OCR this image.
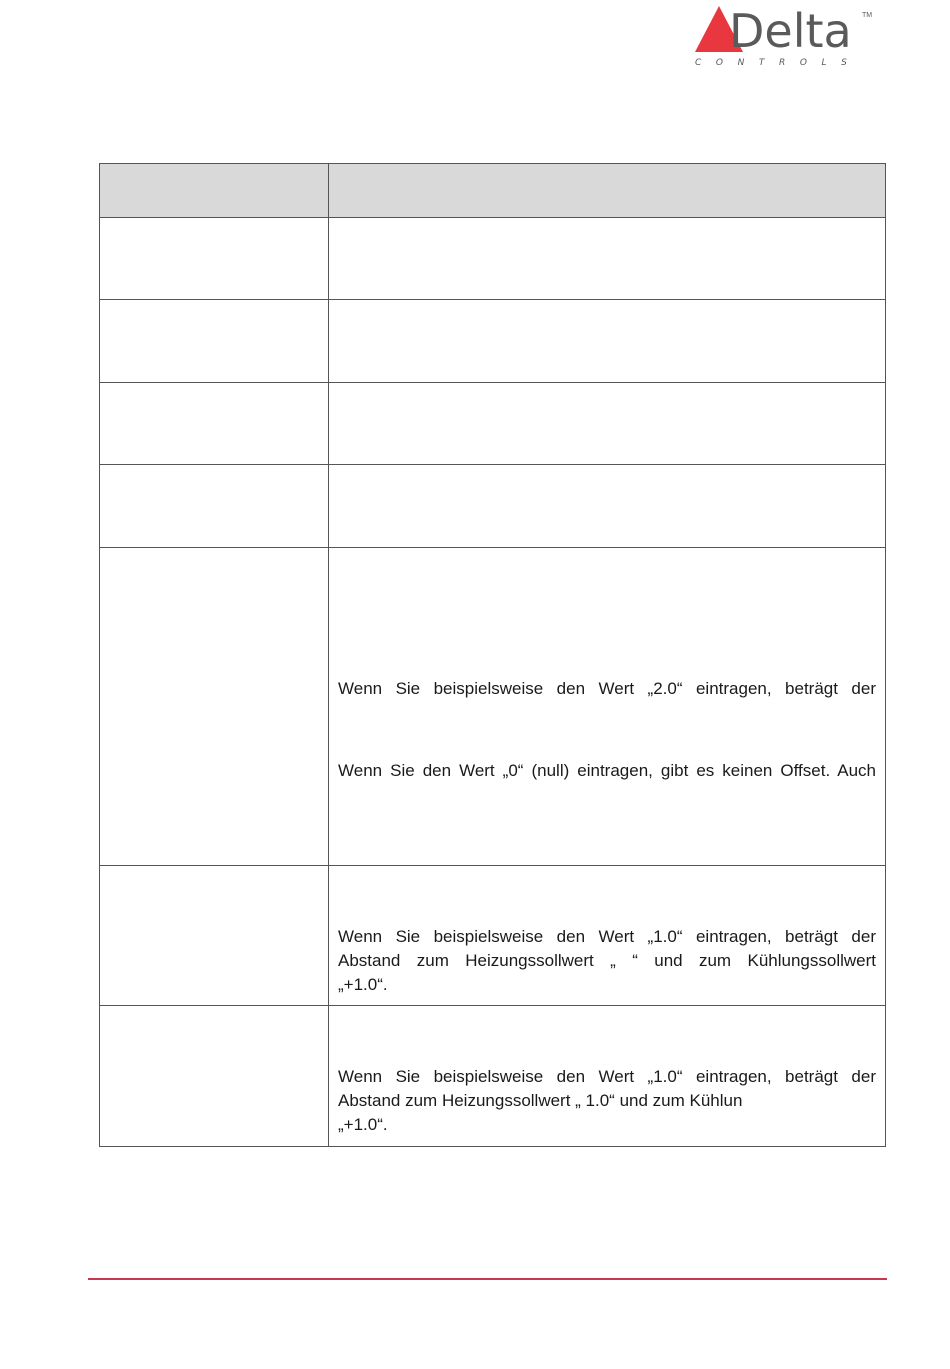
Delta TM
CONTROLS

	Wenn Sie beispielsweise den Wert „2.0“ eintragen, beträgt der
Wenn Sie den Wert „0“ (null) eintragen, gibt es keinen Offset. Auch

	Wenn Sie beispielsweise den Wert „1.0“ eintragen, beträgt der
Abstand zum Heizungssollwert „ “ und zum Kühlungssollwert
„+1.0“.

	Wenn Sie beispielsweise den Wert „1.0“ eintragen, beträgt der
Abstand zum Heizungssollwert „ 1.0“ und zum Kühlun
„+1.0“.
